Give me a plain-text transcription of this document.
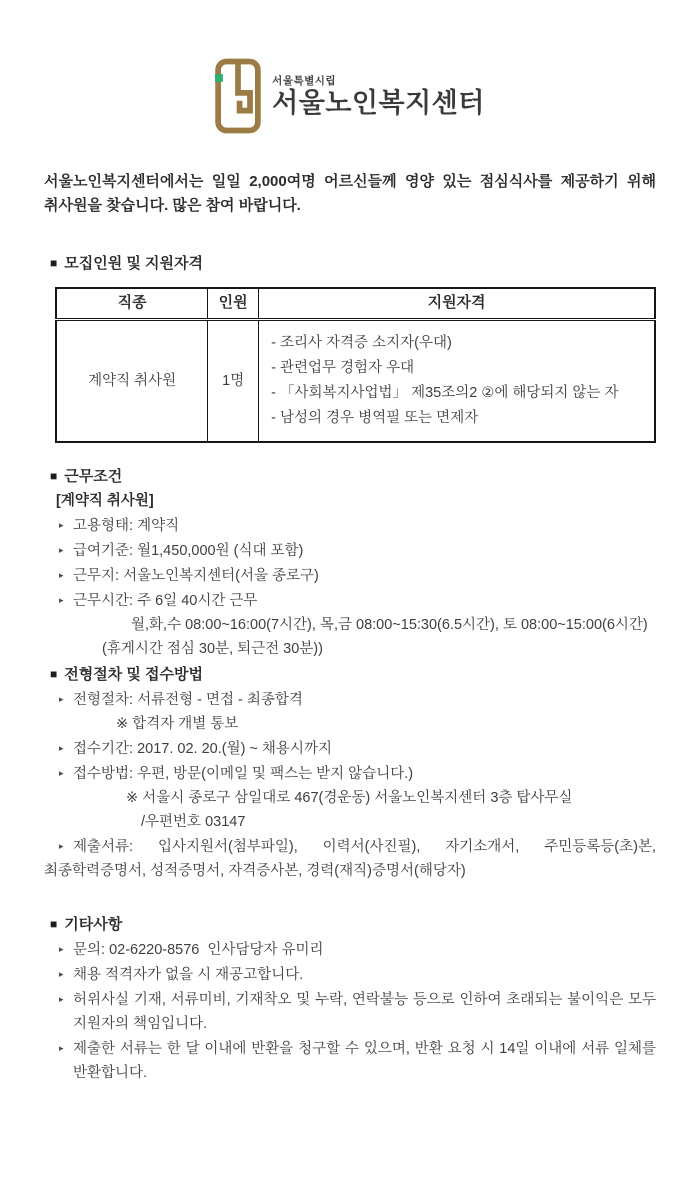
서울특별시립
서울노인복지센터
서울노인복지센터에서는 일일 2,000여명 어르신들께 영양 있는 점심식사를 제공하기 위해
취사원을 찾습니다. 많은 참여 바랍니다.
■ 모집인원 및 지원자격
직종	인원	지원자격
계약직 취사원	1명	- 조리사 자격증 소지자(우대)
- 관련업무 경험자 우대
- 「사회복지사업법」 제35조의2 ②에 해당되지 않는 자
- 남성의 경우 병역필 또는 면제자
■ 근무조건
[계약직 취사원]

▸ 고용형태: 계약직

▸ 급여기준: 월1,450,000원 (식대 포함)

▸ 근무지: 서울노인복지센터(서울 종로구)

▸ 근무시간: 주 6일 40시간 근무

월,화,수 08:00~16:00(7시간), 목,금 08:00~15:30(6.5시간), 토 08:00~15:00(6시간)
(휴게시간 점심 30분, 퇴근전 30분))
■ 전형절차 및 접수방법

▸ 전형절차: 서류전형 - 면접 - 최종합격

※ 합격자 개별 통보

▸ 접수기간: 2017. 02. 20.(월) ~ 채용시까지

▸ 접수방법: 우편, 방문(이메일 및 팩스는 받지 않습니다.)

※ 서울시 종로구 삼일대로 467(경운동) 서울노인복지센터 3층 탑사무실
/우편번호 03147

▸ 제출서류: 입사지원서(첨부파일), 이력서(사진필), 자기소개서, 주민등록등(초)본, 최종학력증명서, 성적증명서, 자격증사본, 경력(재직)증명서(해당자)

■ 기타사항

▸ 문의: 02-6220-8576  인사담당자 유미리

▸ 채용 적격자가 없을 시 재공고합니다.

▸ 허위사실 기재, 서류미비, 기재착오 및 누락, 연락불능 등으로 인하여 초래되는 불이익은 모두 지원자의 책임입니다.

▸ 제출한 서류는 한 달 이내에 반환을 청구할 수 있으며, 반환 요청 시 14일 이내에 서류 일체를 반환합니다.
